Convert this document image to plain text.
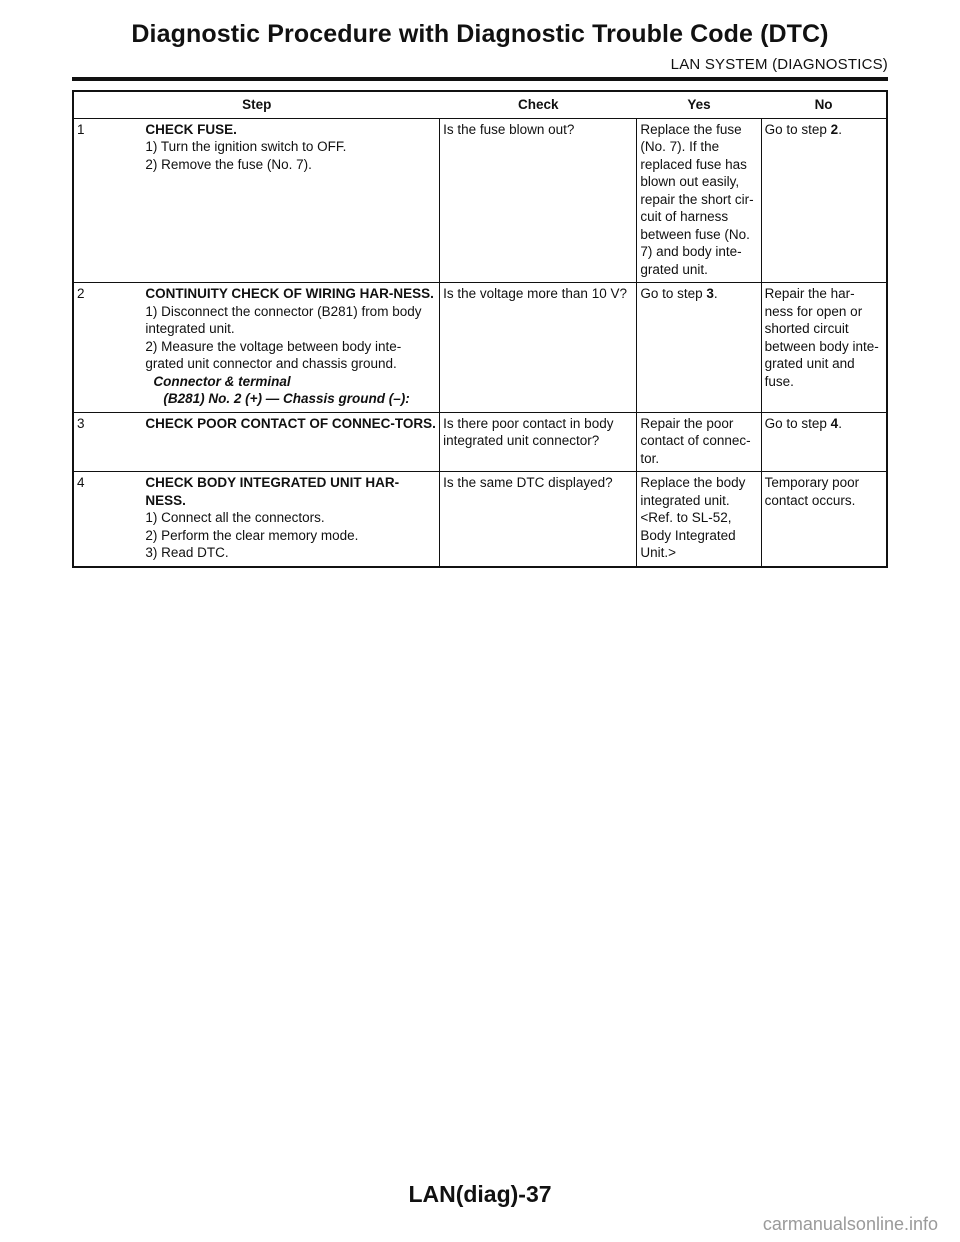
Diagnostic Procedure with Diagnostic Trouble Code (DTC)
LAN SYSTEM (DIAGNOSTICS)
Step		Check	Yes	No
1	CHECK FUSE.
1) Turn the ignition switch to OFF.
2) Remove the fuse (No. 7).	Is the fuse blown out?	Replace the fuse (No. 7). If the replaced fuse has blown out easily, repair the short cir-cuit of harness between fuse (No. 7) and body inte-grated unit.	Go to step 2.
2	CONTINUITY CHECK OF WIRING HAR-NESS.
1) Disconnect the connector (B281) from body integrated unit.
2) Measure the voltage between body inte-grated unit connector and chassis ground.
Connector & terminal
(B281) No. 2 (+) — Chassis ground (–):	Is the voltage more than 10 V?	Go to step 3.	Repair the har-ness for open or shorted circuit between body inte-grated unit and fuse.
3	CHECK POOR CONTACT OF CONNEC-TORS.	Is there poor contact in body integrated unit connector?	Repair the poor contact of connec-tor.	Go to step 4.
4	CHECK BODY INTEGRATED UNIT HAR-NESS.
1) Connect all the connectors.
2) Perform the clear memory mode.
3) Read DTC.	Is the same DTC displayed?	Replace the body integrated unit. <Ref. to SL-52, Body Integrated Unit.>	Temporary poor contact occurs.
LAN(diag)-37
carmanualsonline.info
